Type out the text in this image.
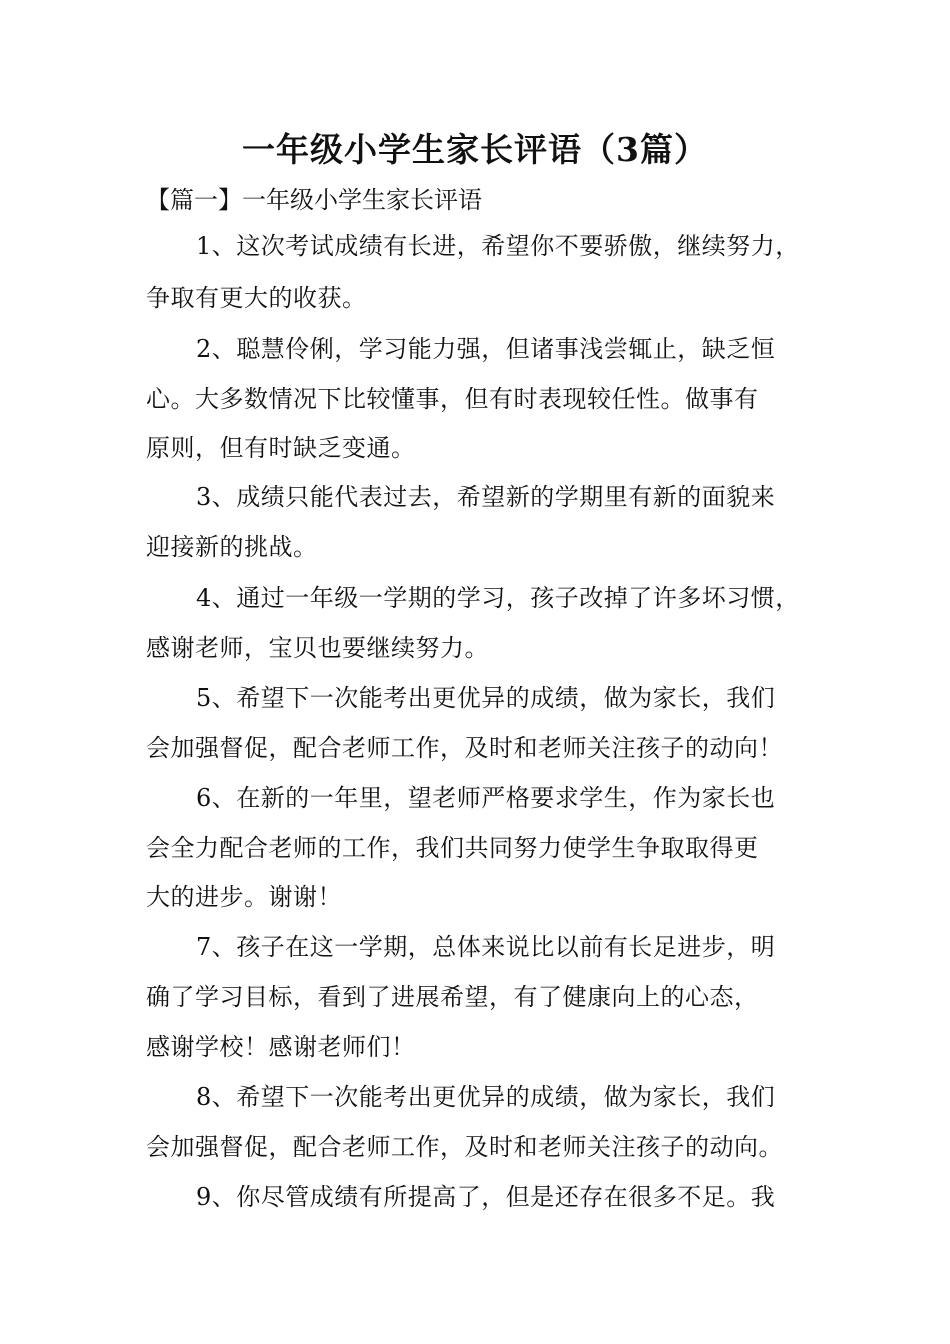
一年级小学生家长评语（3篇）
【篇一】一年级小学生家长评语
1、这次考试成绩有长进，希望你不要骄傲，继续努力，
争取有更大的收获。
2、聪慧伶俐，学习能力强，但诸事浅尝辄止，缺乏恒
心。大多数情况下比较懂事，但有时表现较任性。做事有
原则，但有时缺乏变通。
3、成绩只能代表过去，希望新的学期里有新的面貌来
迎接新的挑战。
4、通过一年级一学期的学习，孩子改掉了许多坏习惯，
感谢老师，宝贝也要继续努力。
5、希望下一次能考出更优异的成绩，做为家长，我们
会加强督促，配合老师工作，及时和老师关注孩子的动向！
6、在新的一年里，望老师严格要求学生，作为家长也
会全力配合老师的工作，我们共同努力使学生争取取得更
大的进步。谢谢！
7、孩子在这一学期，总体来说比以前有长足进步，明
确了学习目标，看到了进展希望，有了健康向上的心态，
感谢学校！感谢老师们！
8、希望下一次能考出更优异的成绩，做为家长，我们
会加强督促，配合老师工作，及时和老师关注孩子的动向。
9、你尽管成绩有所提高了，但是还存在很多不足。我
